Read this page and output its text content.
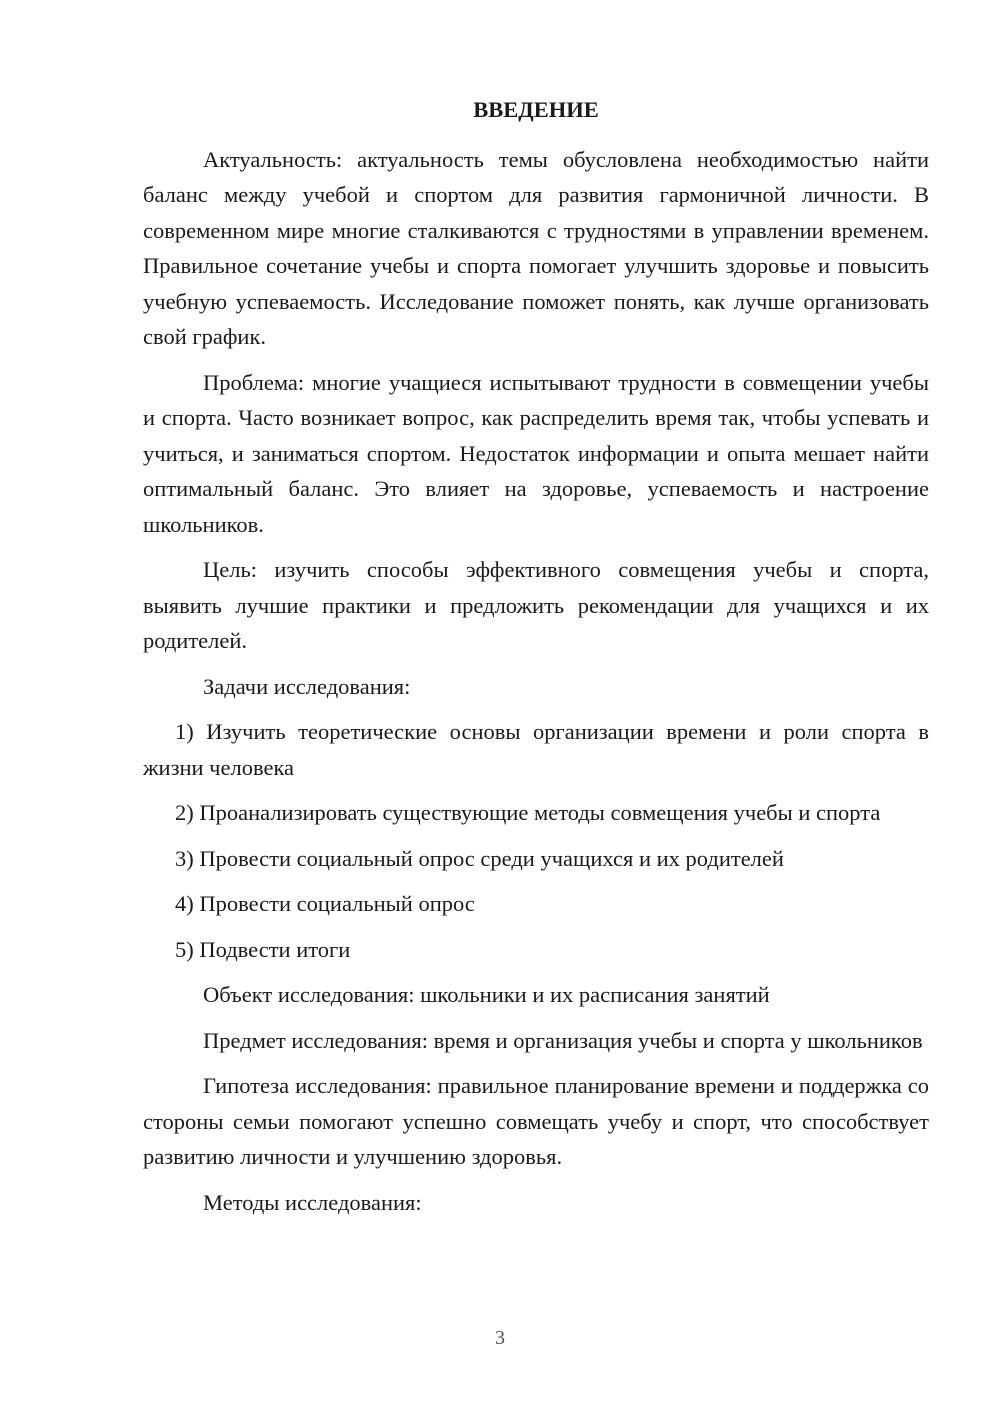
ВВЕДЕНИЕ

Актуальность: актуальность темы обусловлена необходимостью найти баланс между учебой и спортом для развития гармоничной личности. В современном мире многие сталкиваются с трудностями в управлении временем. Правильное сочетание учебы и спорта помогает улучшить здоровье и повысить учебную успеваемость. Исследование поможет понять, как лучше организовать свой график.

Проблема: многие учащиеся испытывают трудности в совмещении учебы и спорта. Часто возникает вопрос, как распределить время так, чтобы успевать и учиться, и заниматься спортом. Недостаток информации и опыта мешает найти оптимальный баланс. Это влияет на здоровье, успеваемость и настроение школьников.

Цель: изучить способы эффективного совмещения учебы и спорта, выявить лучшие практики и предложить рекомендации для учащихся и их родителей.

Задачи исследования:

1) Изучить теоретические основы организации времени и роли спорта в жизни человека

2) Проанализировать существующие методы совмещения учебы и спорта

3) Провести социальный опрос среди учащихся и их родителей

4) Провести социальный опрос

5) Подвести итоги

Объект исследования: школьники и их расписания занятий

Предмет исследования: время и организация учебы и спорта у школьников

Гипотеза исследования: правильное планирование времени и поддержка со стороны семьи помогают успешно совмещать учебу и спорт, что способствует развитию личности и улучшению здоровья.

Методы исследования:

3
